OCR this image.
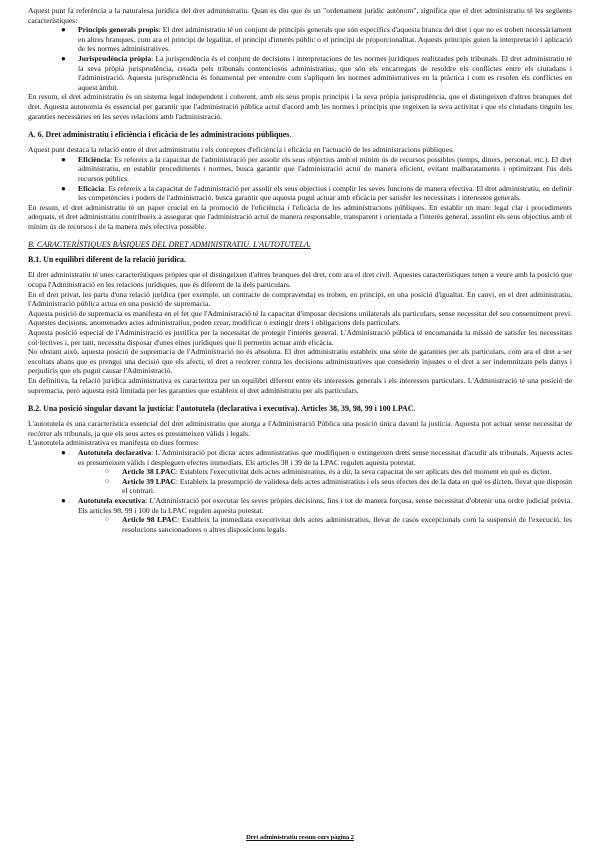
Aquest punt fa referència a la naturalesa jurídica del dret administratiu. Quan es diu que és un "ordenament jurídic autònom", significa que el dret administratiu té les següents característiques:

● Principis generals propis: El dret administratiu té un conjunt de principis generals que són específics d'aquesta branca del dret i que no es troben necessàriament en altres branques, com ara el principi de legalitat, el principi d'interès públic o el principi de proporcionalitat. Aquests principis guien la interpretació i aplicació de les normes administratives.
● Jurisprudència pròpia: La jurisprudència és el conjunt de decisions i interpretacions de les normes jurídiques realitzades pels tribunals. El dret administratiu té la seva pròpia jurisprudència, creada pels tribunals contenciosos administratius, que són els encarregats de resoldre els conflictes entre els ciutadans i l'administració. Aquesta jurisprudència és fonamental per entendre com s'apliquen les normes administratives en la pràctica i com es resolen els conflictes en aquest àmbit.

En resum, el dret administratiu és un sistema legal independent i coherent, amb els seus propis principis i la seva pròpia jurisprudència, que el distingeixen d'altres branques del dret. Aquesta autonomia és essencial per garantir que l'administració pública actuï d'acord amb les normes i principis que regeixen la seva activitat i que els ciutadans tinguin les garanties necessàries en les seves relacions amb l'administració.

A. 6. Dret administratiu i eficiència i eficàcia de les administracions públiques.

Aquest punt destaca la relació entre el dret administratiu i els conceptes d'eficiència i eficàcia en l'actuació de les administracions públiques.

● Eficiència: Es refereix a la capacitat de l'administració per assolir els seus objectius amb el mínim ús de recursos possibles (temps, diners, personal, etc.). El dret administratiu, en establir procediments i normes, busca garantir que l'administració actuï de manera eficient, evitant malbarataments i optimitzant l'ús dels recursos públics.
● Eficàcia: Es refereix a la capacitat de l'administració per assolir els seus objectius i complir les seves funcions de manera efectiva. El dret administratiu, en definir les competències i poders de l'administració, busca garantir que aquesta pugui actuar amb eficàcia per satisfer les necessitats i interessos generals.

En resum, el dret administratiu té un paper crucial en la promoció de l'eficiència i l'eficàcia de les administracions públiques. En establir un marc legal clar i procediments adequats, el dret administratiu contribueix a assegurar que l'administració actuï de manera responsable, transparent i orientada a l'interès general, assolint els seus objectius amb el mínim ús de recursos i de la manera més efectiva possible.

B. CARACTERÍSTIQUES BÀSIQUES DEL DRET ADMINISTRATIU. L'AUTOTUTELA.
B.1. Un equilibri diferent de la relació jurídica.

El dret administratiu té unes característiques pròpies que el distingeixen d'altres branques del dret, com ara el dret civil. Aquestes característiques tenen a veure amb la posició que ocupa l'Administració en les relacions jurídiques, que és diferent de la dels particulars.

En el dret privat, les parts d'una relació jurídica (per exemple, un contracte de compravenda) es troben, en principi, en una posició d'igualtat. En canvi, en el dret administratiu, l'Administració pública actua en una posició de supremacia.

Aquesta posició de supremacia es manifesta en el fet que l'Administració té la capacitat d'imposar decisions unilaterals als particulars, sense necessitat del seu consentiment previ. Aquestes decisions, anomenades actes administratius, poden crear, modificar o extingir drets i obligacions dels particulars.

Aquesta posició especial de l'Administració es justifica per la necessitat de protegir l'interès general. L'Administració pública té encomanada la missió de satisfer les necessitats col·lectives i, per tant, necessita disposar d'unes eines jurídiques que li permetin actuar amb eficàcia.

No obstant això, aquesta posició de supremacia de l'Administració no és absoluta. El dret administratiu estableix una sèrie de garanties per als particulars, com ara el dret a ser escoltats abans que es prengui una decisió que els afecti, el dret a recórrer contra les decisions administratives que considerin injustes o el dret a ser indemnitzats pels danys i perjudicis que els pugui causar l'Administració.

En definitiva, la relació jurídica administrativa es caracteritza per un equilibri diferent entre els interessos generals i els interessos particulars. L'Administració té una posició de supremacia, però aquesta està limitada per les garanties que estableix el dret administratiu per als particulars.

B.2. Una posició singular davant la justícia: l'autotutela (declarativa i executiva). Articles 38, 39, 98, 99 i 100 LPAC.

L'autotutela és una característica essencial del dret administratiu que atorga a l'Administració Pública una posició única davant la justícia. Aquesta pot actuar sense necessitat de recórrer als tribunals, ja que els seus actes es presumeixen vàlids i legals.

L'autotutela administrativa es manifesta en dues formes:

● Autotutela declarativa: L'Administració pot dictar actes administratius que modifiquen o extingeixen drets sense necessitat d'acudir als tribunals. Aquests actes es presumeixen vàlids i despleguen efectes immediats. Els articles 38 i 39 de la LPAC regulen aquesta potestat.
○ Article 38 LPAC: Estableix l'executivitat dels actes administratius, és a dir, la seva capacitat de ser aplicats des del moment en què es dicten.
○ Article 39 LPAC: Estableix la presumpció de validesa dels actes administratius i els seus efectes des de la data en què es dicten, llevat que disposin el contrari.
● Autotutela executiva: L'Administració pot executar les seves pròpies decisions, fins i tot de manera forçosa, sense necessitat d'obtenir una ordre judicial prèvia. Els articles 98, 99 i 100 de la LPAC regulen aquesta potestat.
○ Article 98 LPAC: Estableix la immediata executivitat dels actes administratius, llevat de casos excepcionals com la suspensió de l'execució, les resolucions sancionadores o altres disposicions legals.
Dret administratiu resum curs pàgina 2
